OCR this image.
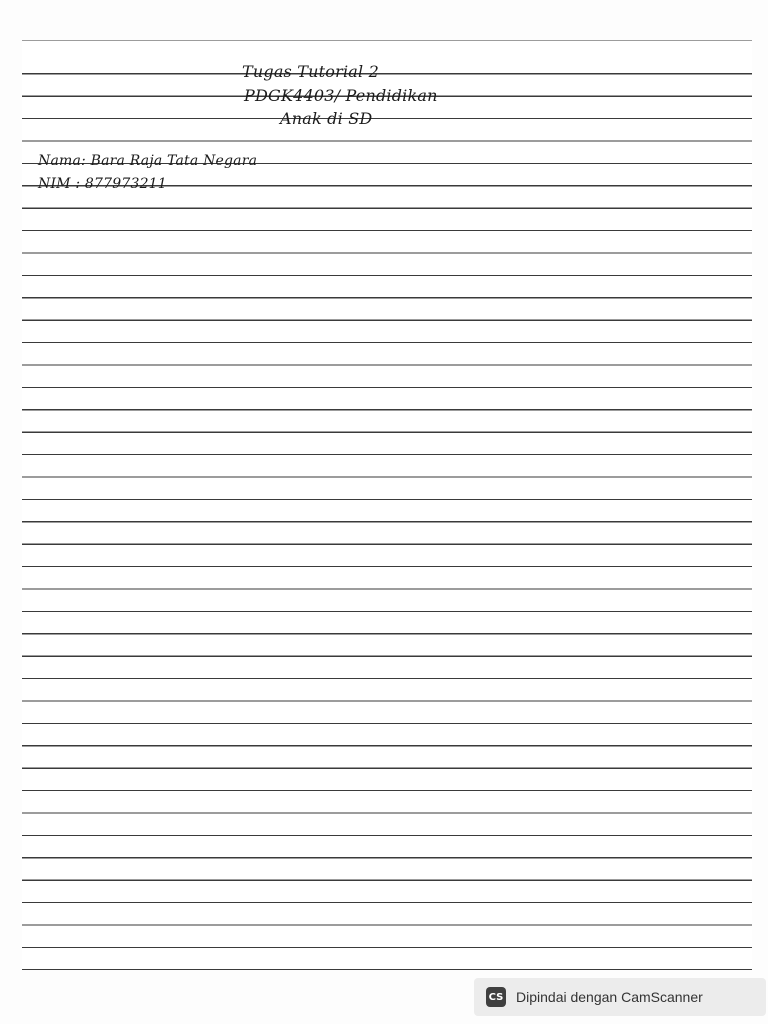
Tugas Tutorial 2
PDGK4403/ Pendidikan
Anak di SD
Nama: Bara Raja Tata Negara
NIM : 877973211
CS Dipindai dengan CamScanner
